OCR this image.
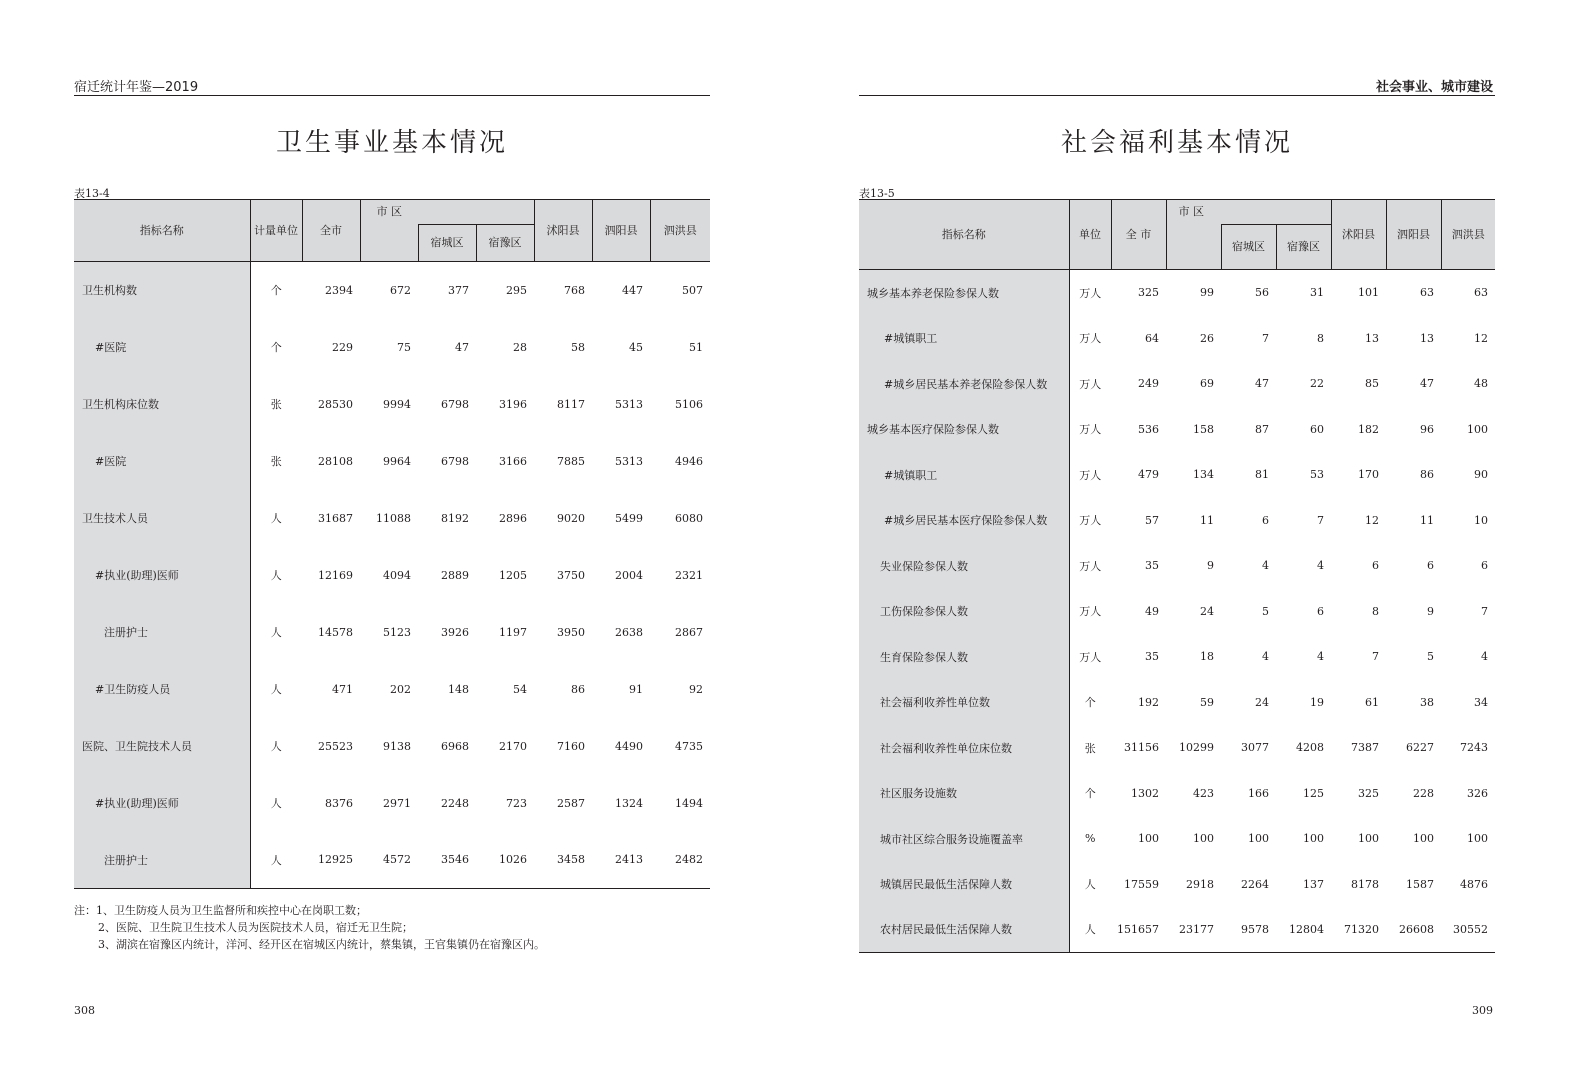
宿迁统计年鉴—2019
卫生事业基本情况
表13-4
指标名称	计量单位	全市	市 区			沭阳县	泗阳县	泗洪县
				宿城区	宿豫区			
卫生机构数	个	2394	672	377	295	768	447	507
#医院	个	229	75	47	28	58	45	51
卫生机构床位数	张	28530	9994	6798	3196	8117	5313	5106
#医院	张	28108	9964	6798	3166	7885	5313	4946
卫生技术人员	人	31687	11088	8192	2896	9020	5499	6080
#执业(助理)医师	人	12169	4094	2889	1205	3750	2004	2321
注册护士	人	14578	5123	3926	1197	3950	2638	2867
#卫生防疫人员	人	471	202	148	54	86	91	92
医院、卫生院技术人员	人	25523	9138	6968	2170	7160	4490	4735
#执业(助理)医师	人	8376	2971	2248	723	2587	1324	1494
注册护士	人	12925	4572	3546	1026	3458	2413	2482
注：1、卫生防疫人员为卫生监督所和疾控中心在岗职工数；
2、医院、卫生院卫生技术人员为医院技术人员，宿迁无卫生院；
3、湖滨在宿豫区内统计，洋河、经开区在宿城区内统计，蔡集镇，王官集镇仍在宿豫区内。
308
社会事业、城市建设
社会福利基本情况
表13-5
指标名称	单位	全 市	市 区			沭阳县	泗阳县	泗洪县
				宿城区	宿豫区			
城乡基本养老保险参保人数	万人	325	99	56	31	101	63	63
#城镇职工	万人	64	26	7	8	13	13	12
#城乡居民基本养老保险参保人数	万人	249	69	47	22	85	47	48
城乡基本医疗保险参保人数	万人	536	158	87	60	182	96	100
#城镇职工	万人	479	134	81	53	170	86	90
#城乡居民基本医疗保险参保人数	万人	57	11	6	7	12	11	10
失业保险参保人数	万人	35	9	4	4	6	6	6
工伤保险参保人数	万人	49	24	5	6	8	9	7
生育保险参保人数	万人	35	18	4	4	7	5	4
社会福利收养性单位数	个	192	59	24	19	61	38	34
社会福利收养性单位床位数	张	31156	10299	3077	4208	7387	6227	7243
社区服务设施数	个	1302	423	166	125	325	228	326
城市社区综合服务设施覆盖率	%	100	100	100	100	100	100	100
城镇居民最低生活保障人数	人	17559	2918	2264	137	8178	1587	4876
农村居民最低生活保障人数	人	151657	23177	9578	12804	71320	26608	30552
309
